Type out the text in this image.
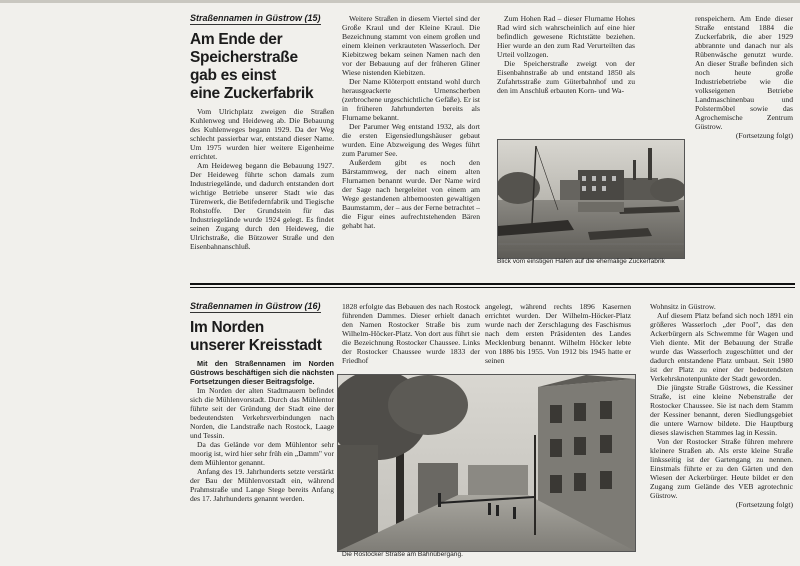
Straßennamen in Güstrow (15)
Am Ende der
Speicherstraße
gab es einst
eine Zuckerfabrik

Vom Ulrichplatz zweigen die Straßen Kuhlenweg und Heideweg ab. Die Bebauung des Kuhlenweges begann 1929. Da der Weg schlecht passierbar war, entstand dieser Name. Um 1975 wurden hier weitere Eigenheime errichtet.

Am Heideweg begann die Bebauung 1927. Der Heideweg führte schon damals zum Industriegelände, und dadurch entstanden dort wichtige Betriebe unserer Stadt wie das Türenwerk, die Betifedernfabrik und Tiegische Rohstoffe. Der Grundstein für das Industriegelände wurde 1924 gelegt. Es findet seinen Zugang durch den Heideweg, die Ulrichstraße, die Bützower Straße und den Eisenbahnanschluß.

Weitere Straßen in diesem Viertel sind der Große Kraul und der Kleine Kraul. Die Bezeichnung stammt von einem großen und einem kleinen verkrauteten Wasserloch. Der Kiebitzweg bekam seinen Namen nach den vor der Bebauung auf der früheren Gliner Wiese nistenden Kiebitzen.

Der Name Klöterpott entstand wohl durch herausgeackerte Urnenscherben (zerbrochene urgeschichtliche Gefäße). Er ist in früheren Jahrhunderten bereits als Flurname bekannt.

Der Parumer Weg entstand 1932, als dort die ersten Eigensiedlungshäuser gebaut wurden. Eine Abzweigung des Weges führt zum Parumer See.

Außerdem gibt es noch den Bärstammweg, der nach einem alten Flurnamen benannt wurde. Der Name wird der Sage nach hergeleitet von einem am Wege gestandenen altbemoosten gewaltigen Baumstamm, der – aus der Ferne betrachtet – die Figur eines aufrechtstehenden Bären gehabt hat.

Zum Hohen Rad – dieser Flurname Hohes Rad wird sich wahrscheinlich auf eine hier befindlich gewesene Richtstätte beziehen. Hier wurde an den zum Rad Verurteilten das Urteil vollzogen.

Die Speicherstraße zweigt von der Eisenbahnstraße ab und entstand 1850 als Zufahrtsstraße zum Güterbahnhof und zu den im Anschluß erbauten Korn- und Wa-

renspeichern. Am Ende dieser Straße entstand 1884 die Zuckerfabrik, die aber 1929 abbrannte und danach nur als Rübenwäsche genutzt wurde. An dieser Straße befinden sich noch heute große Industriebetriebe wie die volkseigenen Betriebe Landmaschinenbau und Polstermöbel sowie das Agrochemische Zentrum Güstrow.

(Fortsetzung folgt)

Blick vom einstigen Hafen auf die ehemalige Zuckerfabrik
Straßennamen in Güstrow (16)
Im Norden
unserer Kreisstadt

Mit den Straßennamen im Norden Güstrows beschäftigen sich die nächsten Fortsetzungen dieser Beitragsfolge.

Im Norden der alten Stadtmauern befindet sich die Mühlenvorstadt. Durch das Mühlentor führte seit der Gründung der Stadt eine der bedeutendsten Verkehrsverbindungen nach Norden, die Landstraße nach Rostock, Laage und Tessin.

Da das Gelände vor dem Mühlentor sehr moorig ist, wird hier sehr früh ein „Damm" vor dem Mühlentor genannt.

Anfang des 19. Jahrhunderts setzte verstärkt der Bau der Mühlenvorstadt ein, während Prahmstraße und Lange Stege bereits Anfang des 17. Jahrhunderts genannt werden.

1828 erfolgte das Bebauen des nach Rostock führenden Dammes. Dieser erhielt danach den Namen Rostocker Straße bis zum Wilhelm-Höcker-Platz. Von dort aus führt sie die Bezeichnung Rostocker Chaussee. Links der Rostocker Chaussee wurde 1833 der Friedhof

angelegt, während rechts 1896 Kasernen errichtet wurden. Der Wilhelm-Höcker-Platz wurde nach der Zerschlagung des Faschismus nach dem ersten Präsidenten des Landes Mecklenburg benannt. Wilhelm Höcker lebte von 1886 bis 1955. Von 1912 bis 1945 hatte er seinen

Wohnsitz in Güstrow.

Auf diesem Platz befand sich noch 1891 ein größeres Wasserloch „der Pool", das den Ackerbürgern als Schwemme für Wagen und Vieh diente. Mit der Bebauung der Straße wurde das Wasserloch zugeschüttet und der dadurch entstandene Platz umbaut. Seit 1980 ist der Platz zu einer der bedeutendsten Verkehrsknotenpunkte der Stadt geworden.

Die jüngste Straße Güstrows, die Kessiner Straße, ist eine kleine Nebenstraße der Rostocker Chaussee. Sie ist nach dem Stamm der Kessiner benannt, deren Siedlungsgebiet die untere Warnow bildete. Die Hauptburg dieses slawischen Stammes lag in Kessin.

Von der Rostocker Straße führen mehrere kleinere Straßen ab. Als erste kleine Straße linksseitig ist der Gartengang zu nennen. Einstmals führte er zu den Gärten und den Wiesen der Ackerbürger. Heute bildet er den Zugang zum Gelände des VEB agrotechnic Güstrow.

(Fortsetzung folgt)

Die Rostocker Straße am Bahnübergang.
